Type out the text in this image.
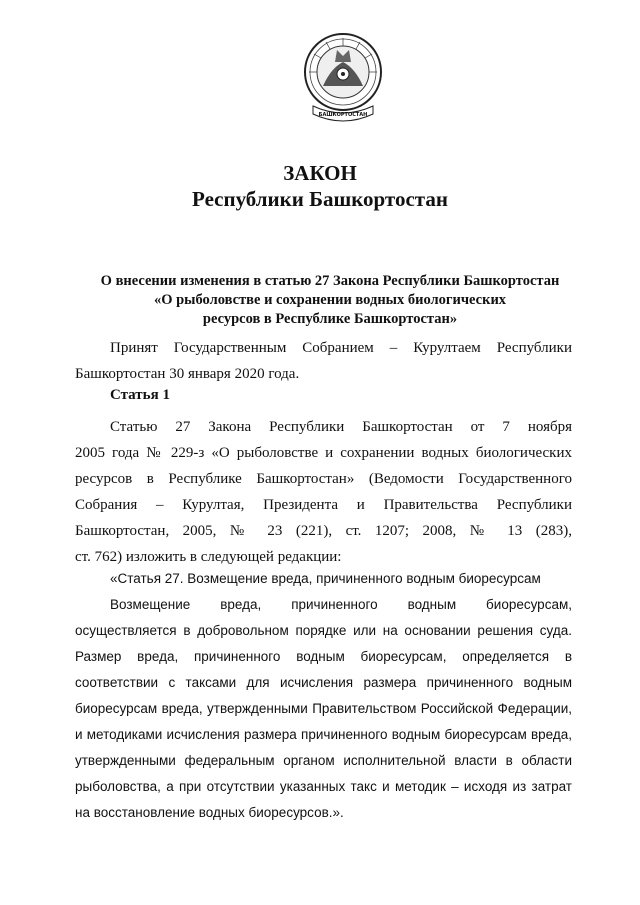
БАШКОРТОСТАН
ЗАКОН
Республики Башкортостан
О внесении изменения в статью 27 Закона Республики Башкортостан
«О рыболовстве и сохранении водных биологических
ресурсов в Республике Башкортостан»
Принят Государственным Собранием – Курултаем Республики
Башкортостан 30 января 2020 года.
Статья 1
Статью 27 Закона Республики Башкортостан от 7 ноября
2005 года № 229-з «О рыболовстве и сохранении водных биологических
ресурсов в Республике Башкортостан» (Ведомости Государственного
Собрания – Курултая, Президента и Правительства Республики
Башкортостан, 2005, № 23 (221), ст. 1207; 2008, № 13 (283),
ст. 762) изложить в следующей редакции:
«Статья 27. Возмещение вреда, причиненного водным биоресурсам
Возмещение вреда, причиненного водным биоресурсам,
осуществляется в добровольном порядке или на основании решения суда.
Размер вреда, причиненного водным биоресурсам, определяется в
соответствии с таксами для исчисления размера причиненного водным
биоресурсам вреда, утвержденными Правительством Российской Федерации,
и методиками исчисления размера причиненного водным биоресурсам вреда,
утвержденными федеральным органом исполнительной власти в области
рыболовства, а при отсутствии указанных такс и методик – исходя из затрат
на восстановление водных биоресурсов.».
